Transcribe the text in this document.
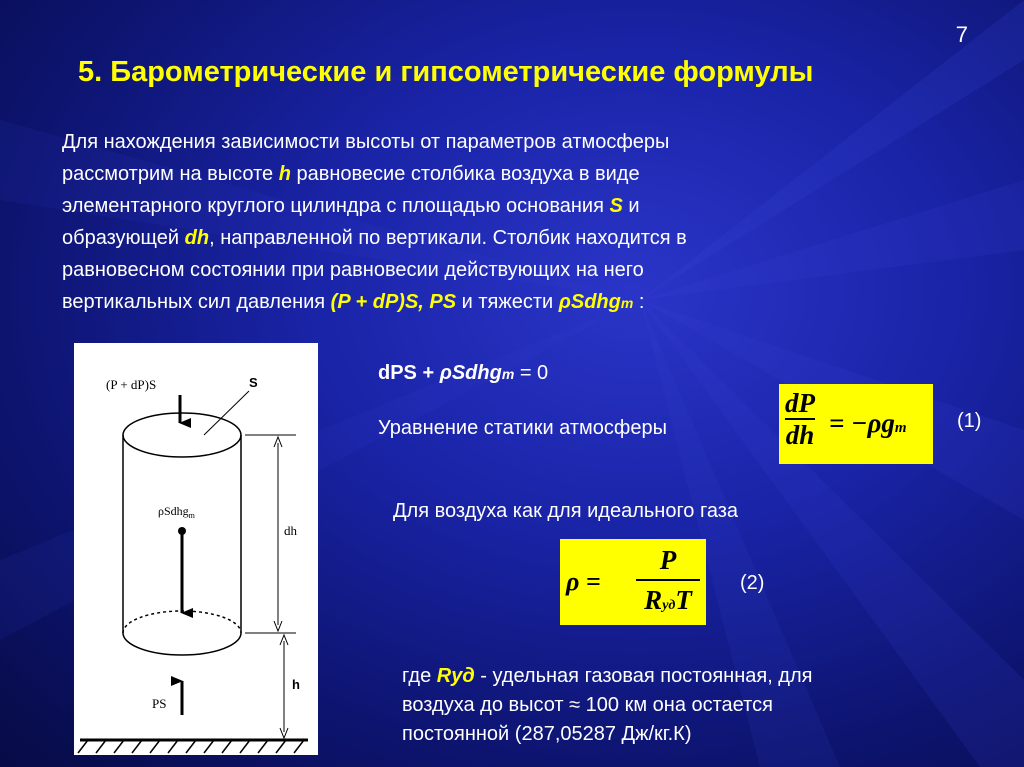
7
5. Барометрические и гипсометрические формулы
Для нахождения зависимости высоты от параметров атмосферы
рассмотрим на высоте h равновесие столбика воздуха в виде
элементарного круглого цилиндра с площадью основания S и
образующей dh, направленной по вертикали. Столбик находится в
равновесном состоянии при равновесии действующих на него
вертикальных сил давления (P + dP)S, PS и тяжести ρSdhgm :
(P + dP)S	S
ρSdhg$_m$
dh
PS
h
dPS + ρSdhgm = 0
Уравнение статики атмосферы	$\frac{dP}{dh} = -\rho gm$	(1)
Для воздуха как для идеального газа
ρ =
P
RудT
(2)
где Rуд - удельная газовая постоянная, для
воздуха до высот ≈ 100 км она остается
постоянной (287,05287 Дж/кг.К)
